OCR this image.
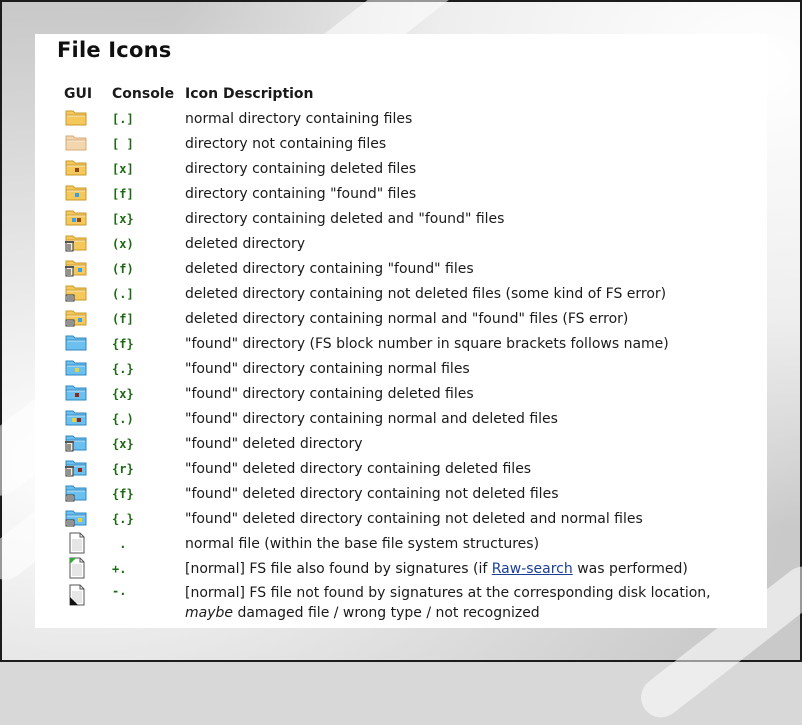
File Icons
GUI	Console	Icon Description

	[.]	normal directory containing files

	[ ]	directory not containing files

	[x]	directory containing deleted files

	[f]	directory containing "found" files

	[x}	directory containing deleted and "found" files

	(x)	deleted directory

	(f)	deleted directory containing "found" files

	(.]	deleted directory containing not deleted files (some kind of FS error)

	(f]	deleted directory containing normal and "found" files (FS error)

	{f}	"found" directory (FS block number in square brackets follows name)

	{.}	"found" directory containing normal files

	{x}	"found" directory containing deleted files

	{.)	"found" directory containing normal and deleted files

	{x}	"found" deleted directory

	{r}	"found" deleted directory containing deleted files

	{f}	"found" deleted directory containing not deleted files

	{.}	"found" deleted directory containing not deleted and normal files

	.	normal file (within the base file system structures)

	+.	[normal] FS file also found by signatures (if Raw-search was performed)

	-.	[normal] FS file not found by signatures at the corresponding disk location,
maybe damaged file / wrong type / not recognized
